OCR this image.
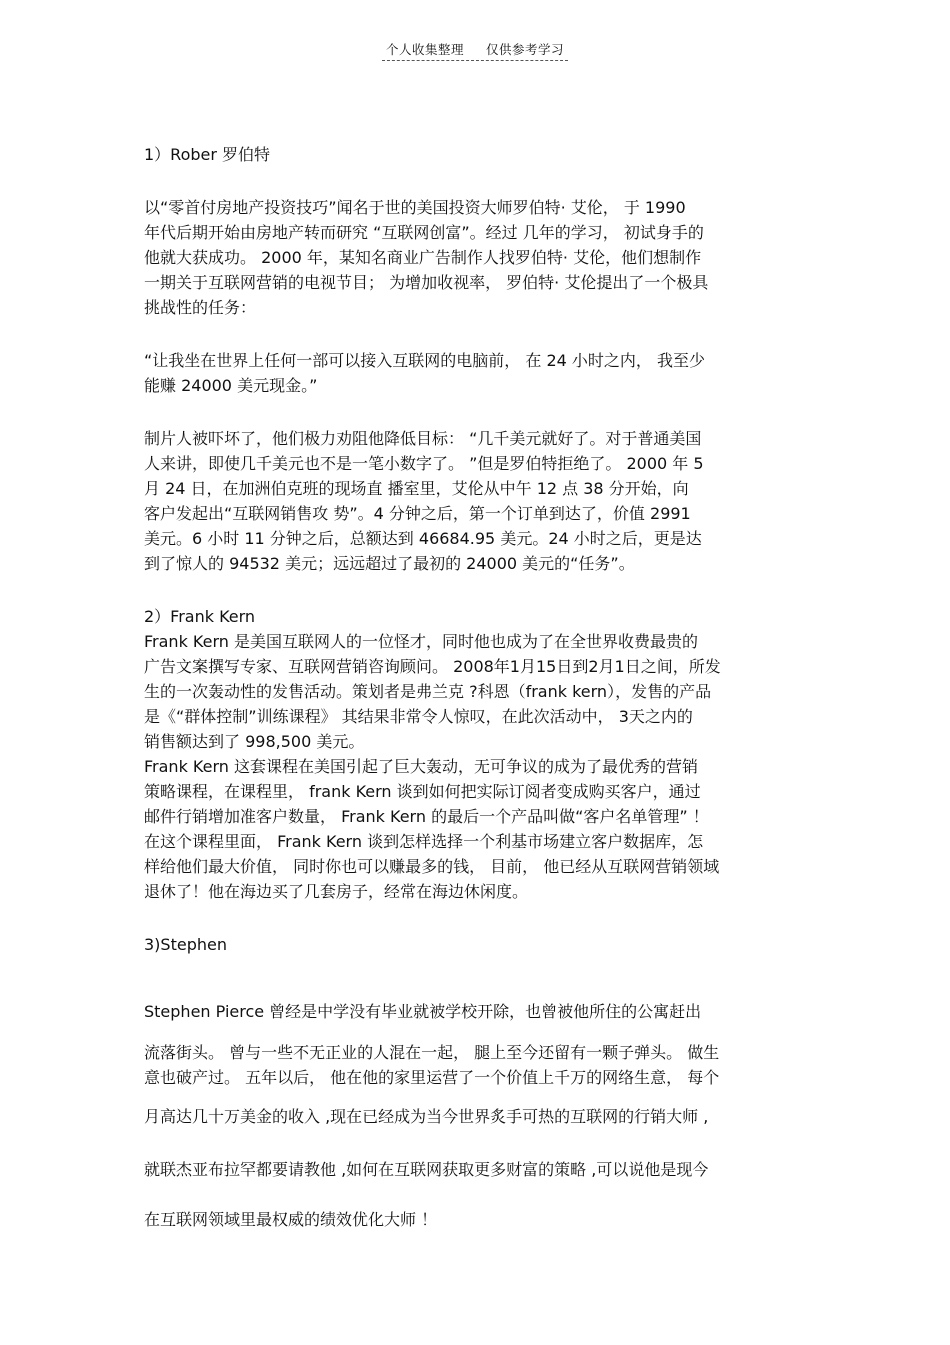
个人收集整理 仅供参考学习

1）Rober 罗伯特

以“零首付房地产投资技巧”闻名于世的美国投资大师罗伯特· 艾伦， 于 1990
年代后期开始由房地产转而研究 “互联网创富”。经过 几年的学习， 初试身手的
他就大获成功。 2000 年，某知名商业广告制作人找罗伯特· 艾伦，他们想制作
一期关于互联网营销的电视节目； 为增加收视率， 罗伯特· 艾伦提出了一个极具
挑战性的任务：

“让我坐在世界上任何一部可以接入互联网的电脑前， 在 24 小时之内， 我至少
能赚 24000 美元现金。”

制片人被吓坏了，他们极力劝阻他降低目标： “几千美元就好了。对于普通美国
人来讲，即使几千美元也不是一笔小数字了。 ”但是罗伯特拒绝了。 2000 年 5
月 24 日，在加洲伯克班的现场直 播室里，艾伦从中午 12 点 38 分开始，向
客户发起出“互联网销售攻 势”。4 分钟之后，第一个订单到达了，价值 2991
美元。6 小时 11 分钟之后，总额达到 46684.95 美元。24 小时之后，更是达
到了惊人的 94532 美元；远远超过了最初的 24000 美元的“任务”。

2）Frank Kern

Frank Kern 是美国互联网人的一位怪才，同时他也成为了在全世界收费最贵的
广告文案撰写专家、互联网营销咨询顾问。 2008年1月15日到2月1日之间，所发
生的一次轰动性的发售活动。策划者是弗兰克 ?科恩（frank kern），发售的产品
是《“群体控制”训练课程》 其结果非常令人惊叹，在此次活动中， 3天之内的
销售额达到了 998,500 美元。

Frank Kern 这套课程在美国引起了巨大轰动，无可争议的成为了最优秀的营销
策略课程，在课程里， frank Kern 谈到如何把实际订阅者变成购买客户，通过
邮件行销增加准客户数量， Frank Kern 的最后一个产品叫做“客户名单管理” ！
在这个课程里面， Frank Kern 谈到怎样选择一个利基市场建立客户数据库，怎
样给他们最大价值， 同时你也可以赚最多的钱， 目前， 他已经从互联网营销领域
退休了！他在海边买了几套房子，经常在海边休闲度。

3)Stephen

Stephen Pierce 曾经是中学没有毕业就被学校开除，也曾被他所住的公寓赶出

流落街头。 曾与一些不无正业的人混在一起， 腿上至今还留有一颗子弹头。 做生
意也破产过。 五年以后， 他在他的家里运营了一个价值上千万的网络生意， 每个

月高达几十万美金的收入 ,现在已经成为当今世界炙手可热的互联网的行销大师 ,

就联杰亚布拉罕都要请教他 ,如何在互联网获取更多财富的策略 ,可以说他是现今

在互联网领域里最权威的绩效优化大师 ！
